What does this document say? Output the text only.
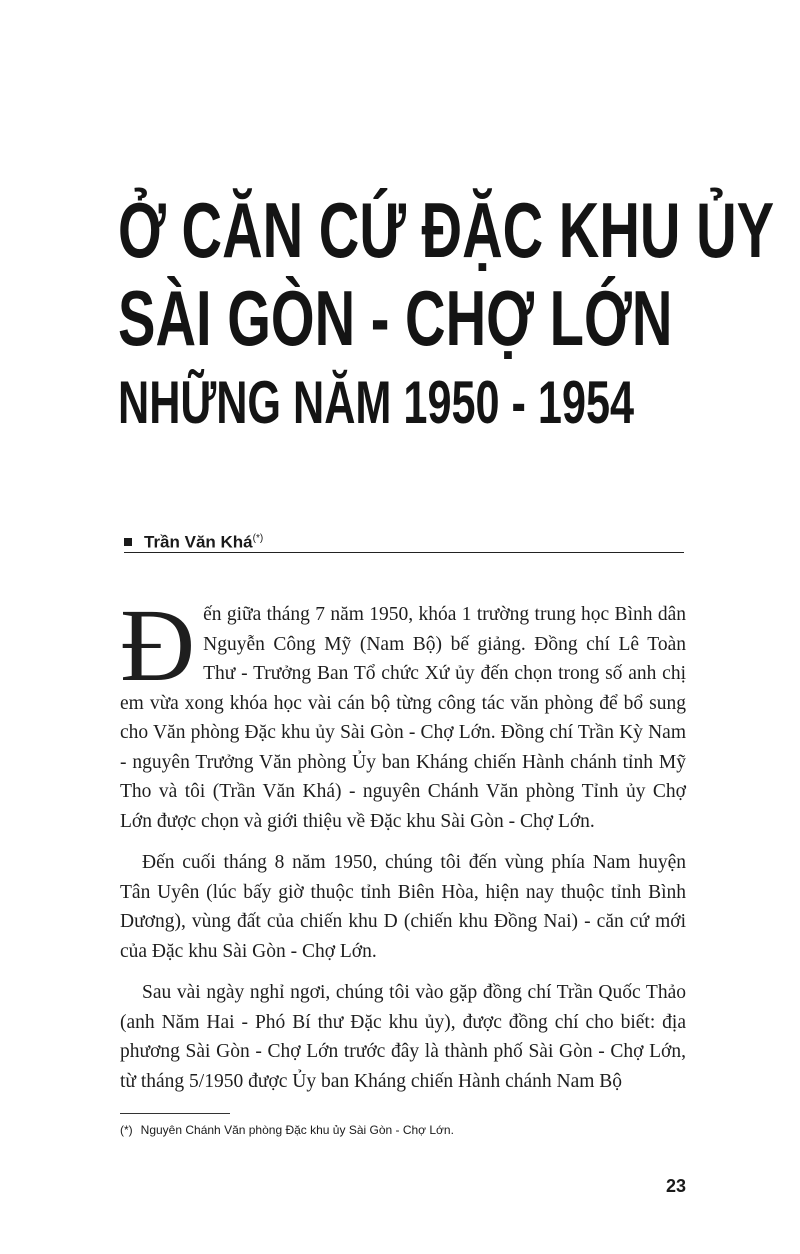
Ở CĂN CỨ ĐẶC KHU ỦY
SÀI GÒN - CHỢ LỚN
NHỮNG NĂM 1950 - 1954
Trần Văn Khá(*)

Đến giữa tháng 7 năm 1950, khóa 1 trường trung học Bình dân Nguyễn Công Mỹ (Nam Bộ) bế giảng. Đồng chí Lê Toàn Thư - Trưởng Ban Tổ chức Xứ ủy đến chọn trong số anh chị em vừa xong khóa học vài cán bộ từng công tác văn phòng để bổ sung cho Văn phòng Đặc khu ủy Sài Gòn - Chợ Lớn. Đồng chí Trần Kỳ Nam - nguyên Trưởng Văn phòng Ủy ban Kháng chiến Hành chánh tỉnh Mỹ Tho và tôi (Trần Văn Khá) - nguyên Chánh Văn phòng Tỉnh ủy Chợ Lớn được chọn và giới thiệu về Đặc khu Sài Gòn - Chợ Lớn.

Đến cuối tháng 8 năm 1950, chúng tôi đến vùng phía Nam huyện Tân Uyên (lúc bấy giờ thuộc tỉnh Biên Hòa, hiện nay thuộc tỉnh Bình Dương), vùng đất của chiến khu D (chiến khu Đồng Nai) - căn cứ mới của Đặc khu Sài Gòn - Chợ Lớn.

Sau vài ngày nghỉ ngơi, chúng tôi vào gặp đồng chí Trần Quốc Thảo (anh Năm Hai - Phó Bí thư Đặc khu ủy), được đồng chí cho biết: địa phương Sài Gòn - Chợ Lớn trước đây là thành phố Sài Gòn - Chợ Lớn, từ tháng 5/1950 được Ủy ban Kháng chiến Hành chánh Nam Bộ

(*) Nguyên Chánh Văn phòng Đặc khu ủy Sài Gòn - Chợ Lớn.
23
